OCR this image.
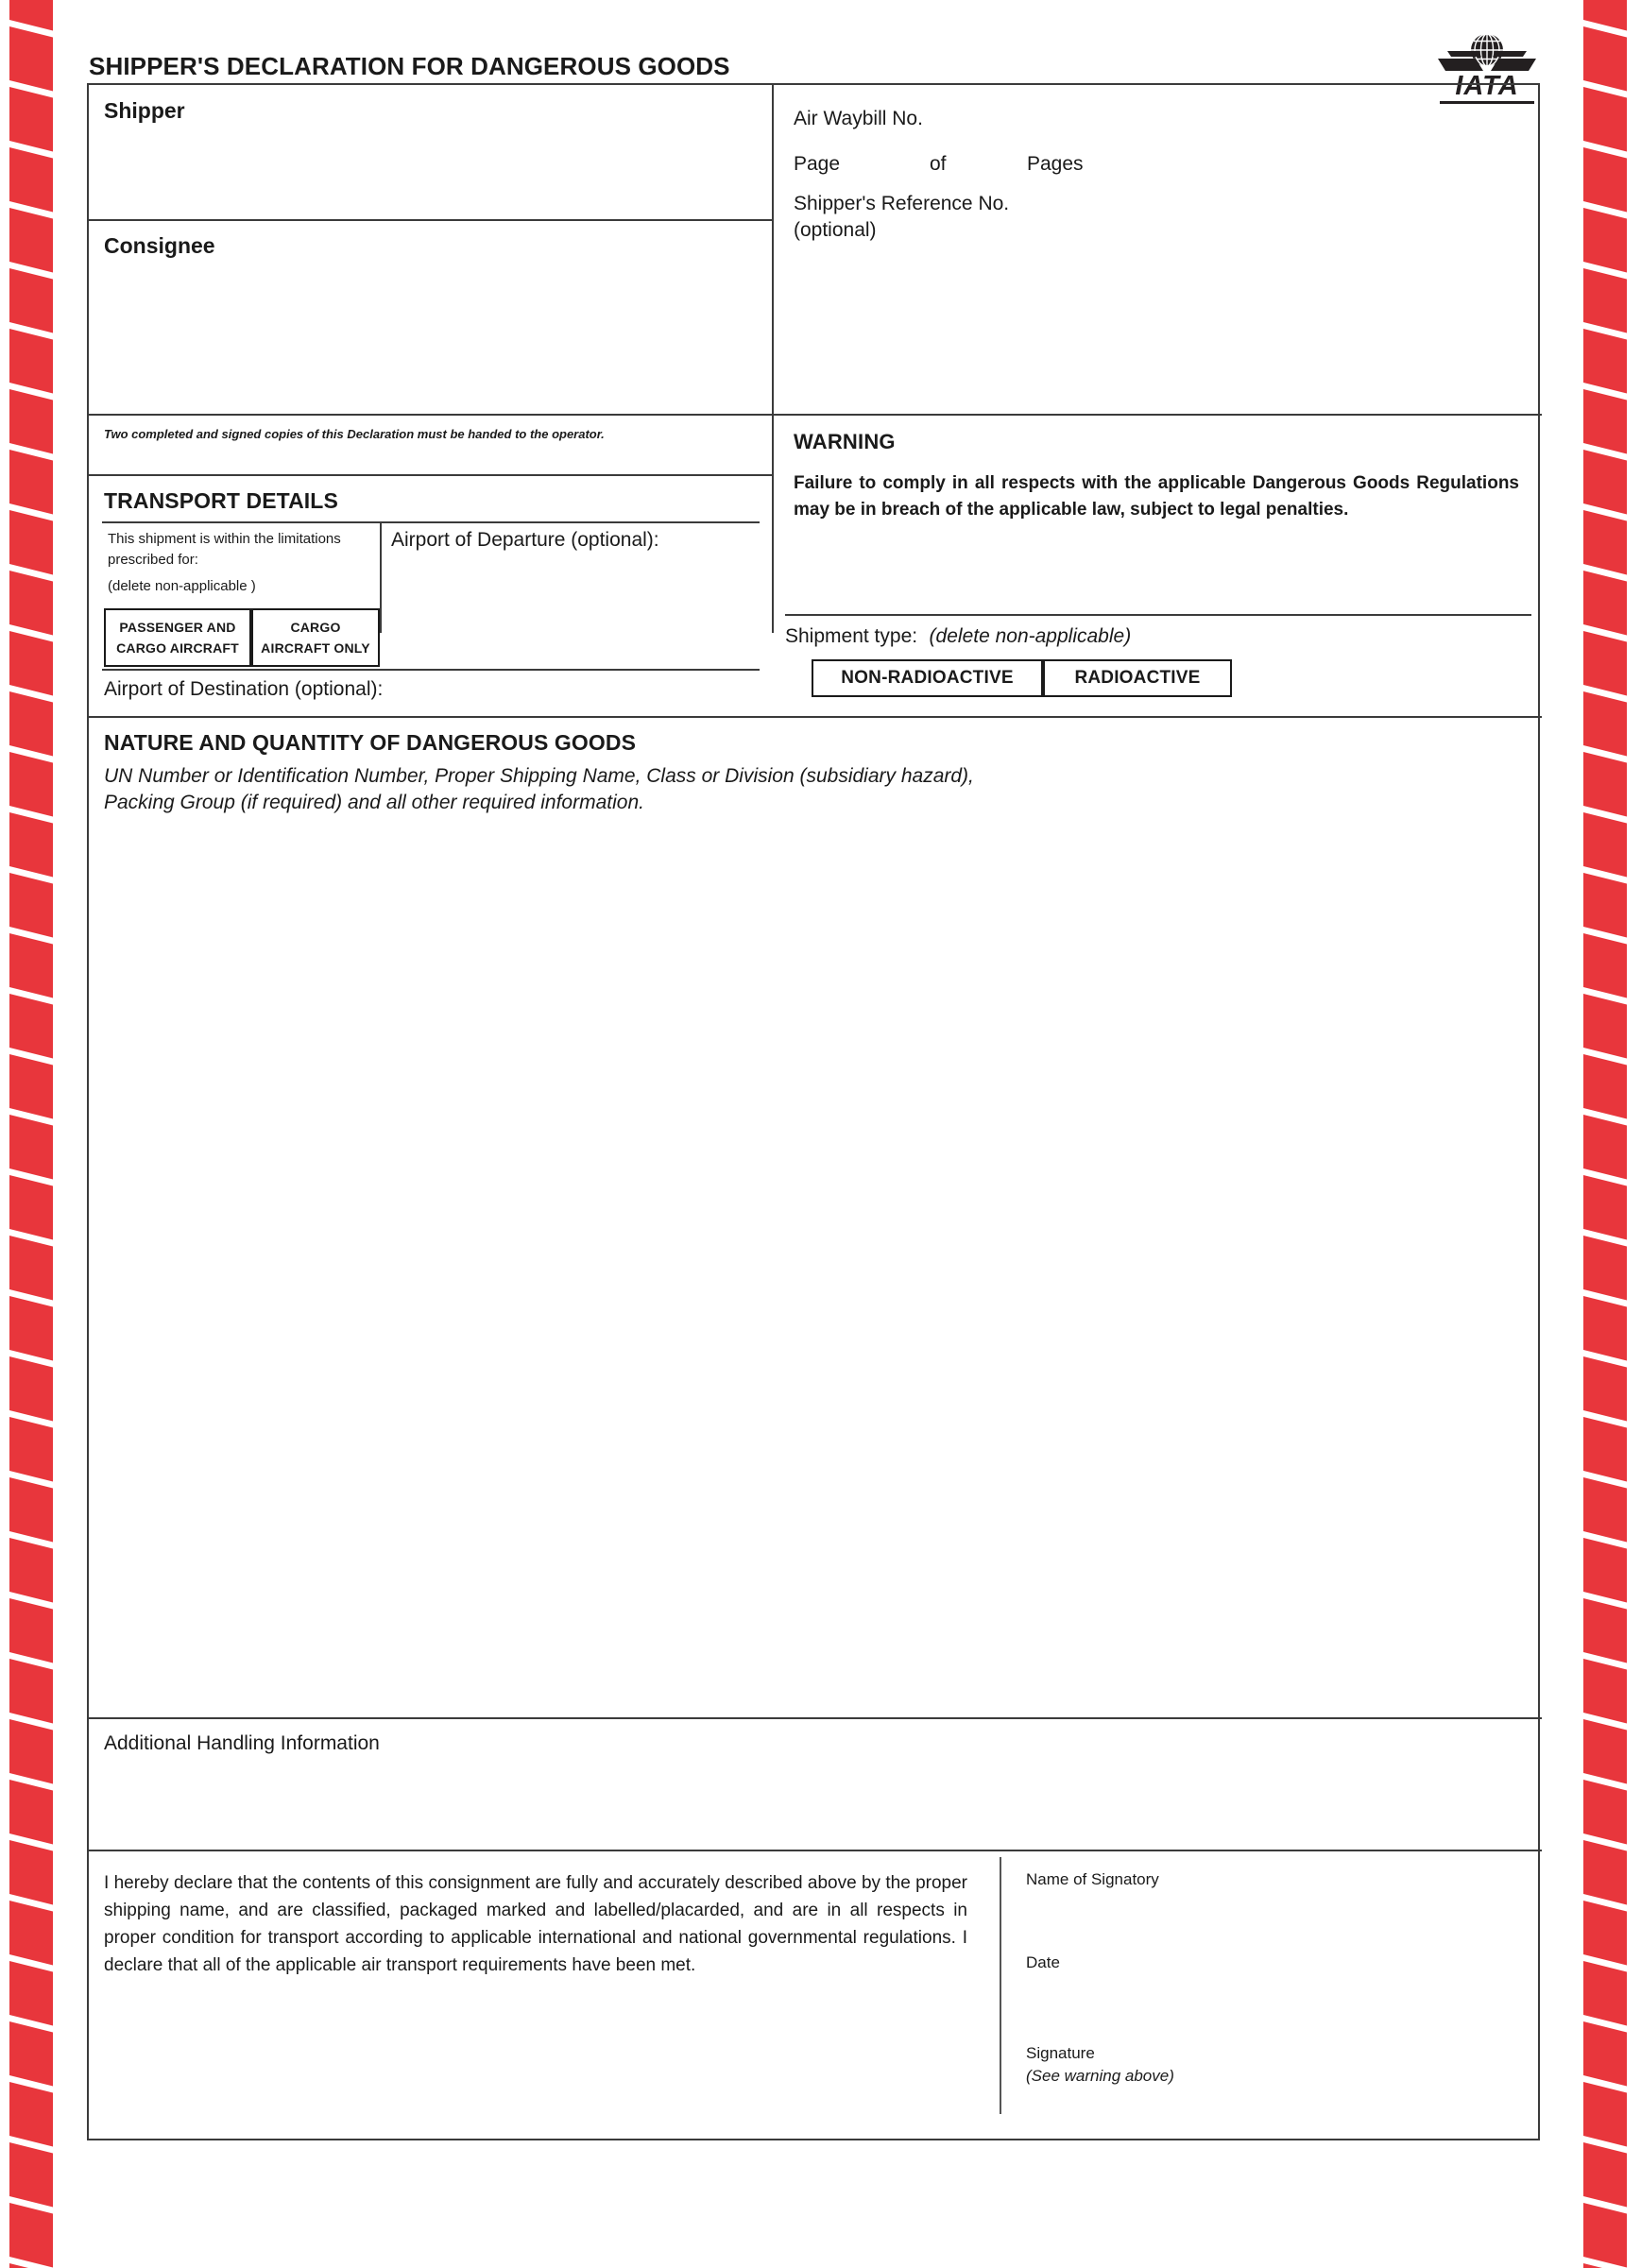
SHIPPER'S DECLARATION FOR DANGEROUS GOODS
IATA
Shipper	Air Waybill No.
Page	of	Pages
Shipper's Reference No.
(optional)
Consignee
Two completed and signed copies of this Declaration must be handed to the operator.
TRANSPORT DETAILS
This shipment is within the limitations prescribed for:
(delete non-applicable )
Airport of Departure (optional):
PASSENGER AND
CARGO AIRCRAFT
CARGO
AIRCRAFT ONLY
Airport of Destination (optional):
WARNING
Failure to comply in all respects with the applicable Dangerous Goods Regulations may be in breach of the applicable law, subject to legal penalties.
Shipment type: (delete non-applicable)
NON-RADIOACTIVE	RADIOACTIVE
NATURE AND QUANTITY OF DANGEROUS GOODS
UN Number or Identification Number, Proper Shipping Name, Class or Division (subsidiary hazard),
Packing Group (if required) and all other required information.
Additional Handling Information
I hereby declare that the contents of this consignment are fully and accurately described above by the proper shipping name, and are classified, packaged marked and labelled/placarded, and are in all respects in proper condition for transport according to applicable international and national governmental regulations. I declare that all of the applicable air transport requirements have been met.
Name of Signatory
Date
Signature
(See warning above)
